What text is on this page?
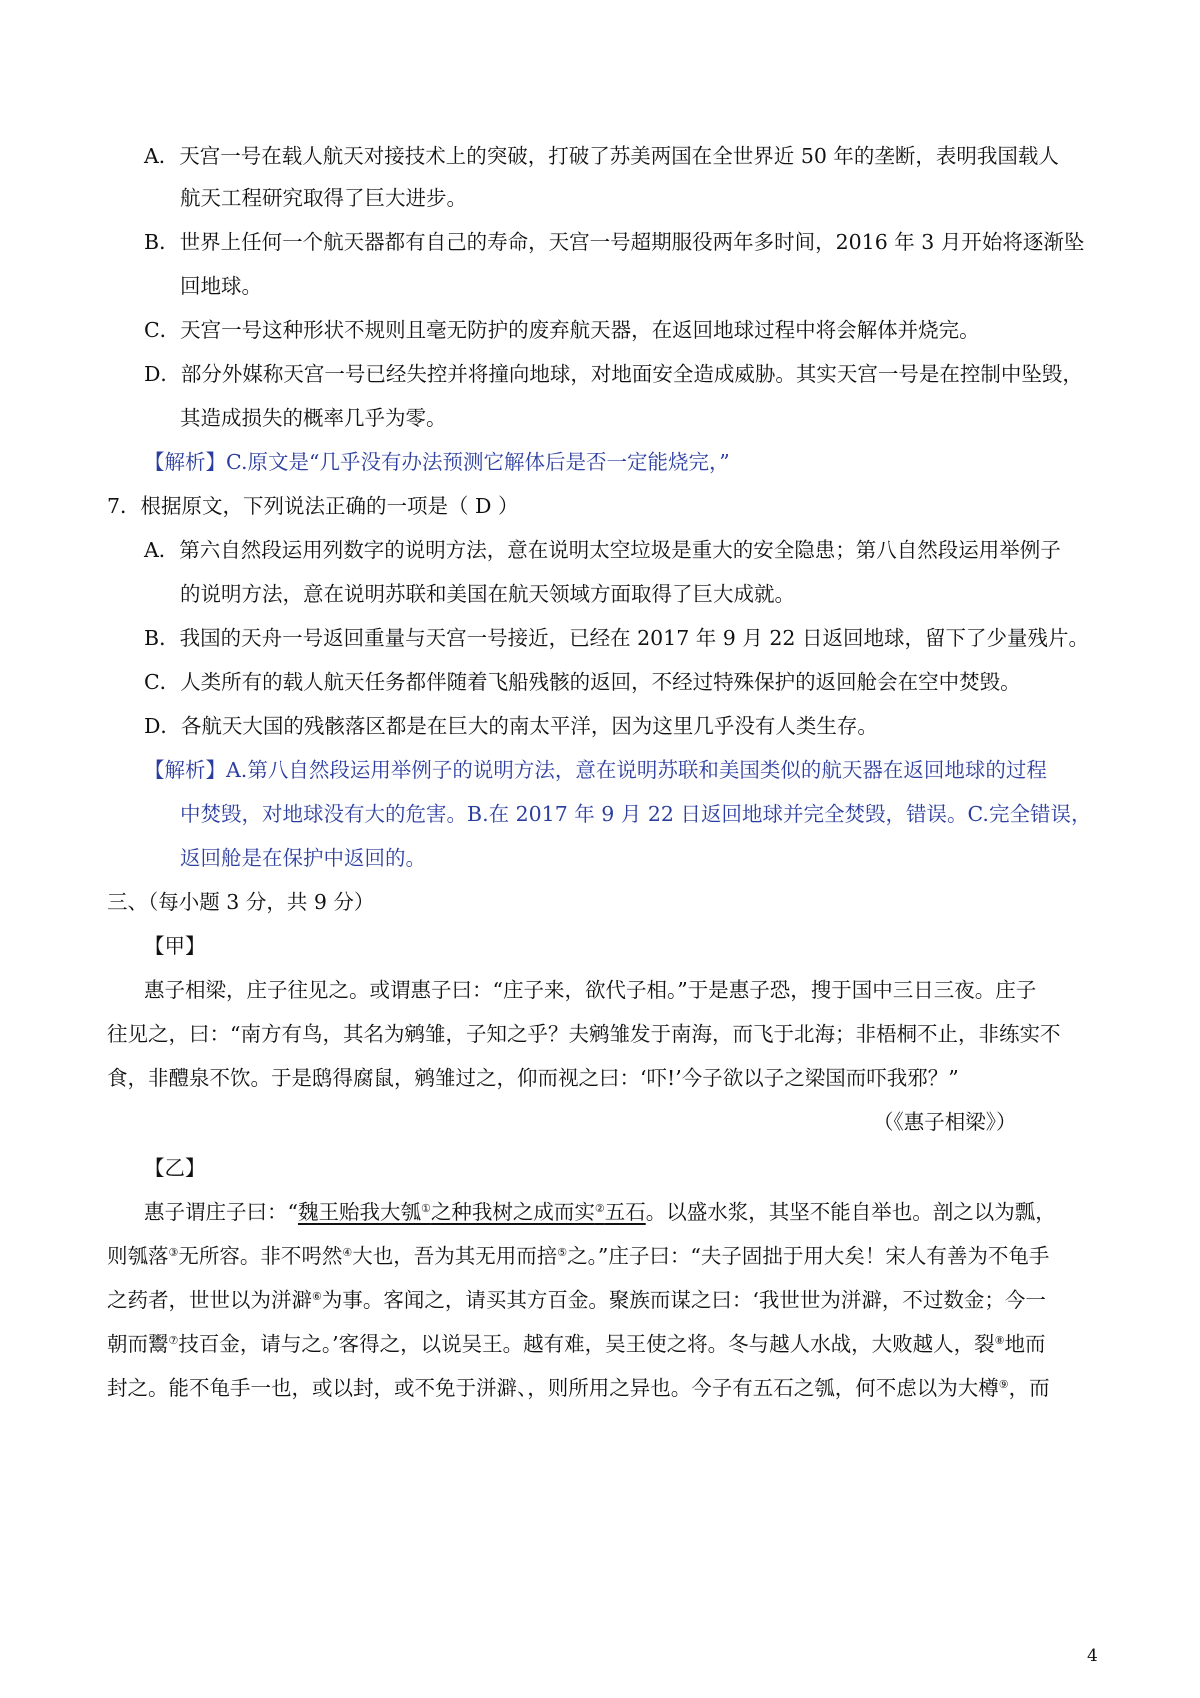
A．天宫一号在载人航天对接技术上的突破，打破了苏美两国在全世界近 50 年的垄断，表明我国载人

航天工程研究取得了巨大进步。

B．世界上任何一个航天器都有自己的寿命，天宫一号超期服役两年多时间，2016 年 3 月开始将逐渐坠

回地球。

C．天宫一号这种形状不规则且毫无防护的废弃航天器，在返回地球过程中将会解体并烧完。

D．部分外媒称天宫一号已经失控并将撞向地球，对地面安全造成威胁。其实天宫一号是在控制中坠毁，

其造成损失的概率几乎为零。

【解析】C.原文是“几乎没有办法预测它解体后是否一定能烧完，”

7．根据原文，下列说法正确的一项是（ D ）

A．第六自然段运用列数字的说明方法，意在说明太空垃圾是重大的安全隐患；第八自然段运用举例子

的说明方法，意在说明苏联和美国在航天领域方面取得了巨大成就。

B．我国的天舟一号返回重量与天宫一号接近，已经在 2017 年 9 月 22 日返回地球，留下了少量残片。

C．人类所有的载人航天任务都伴随着飞船残骸的返回，不经过特殊保护的返回舱会在空中焚毁。

D．各航天大国的残骸落区都是在巨大的南太平洋，因为这里几乎没有人类生存。

【解析】A.第八自然段运用举例子的说明方法，意在说明苏联和美国类似的航天器在返回地球的过程

中焚毁，对地球没有大的危害。B.在 2017 年 9 月 22 日返回地球并完全焚毁，错误。C.完全错误，

返回舱是在保护中返回的。

三、（每小题 3 分，共 9 分）

【甲】

惠子相梁，庄子往见之。或谓惠子曰：“庄子来，欲代子相。”于是惠子恐，搜于国中三日三夜。庄子

往见之，曰：“南方有鸟，其名为鹓雏，子知之乎？夫鹓雏发于南海，而飞于北海；非梧桐不止，非练实不

食，非醴泉不饮。于是鸱得腐鼠，鹓雏过之，仰而视之曰：‘吓!’今子欲以子之梁国而吓我邪？”

（《惠子相梁》）

【乙】

惠子谓庄子曰：“魏王贻我大瓠①之种我树之成而实②五石。以盛水浆，其坚不能自举也。剖之以为瓢，

则瓠落③无所容。非不呺然④大也，吾为其无用而掊⑤之。”庄子曰：“夫子固拙于用大矣！宋人有善为不龟手

之药者，世世以为洴澼⑥为事。客闻之，请买其方百金。聚族而谋之曰：‘我世世为洴澼，不过数金；今一

朝而鬻⑦技百金，请与之。’客得之，以说吴王。越有难，吴王使之将。冬与越人水战，大败越人，裂⑧地而

封之。能不龟手一也，或以封，或不免于洴澼、，则所用之异也。今子有五石之瓠，何不虑以为大樽⑨，而

4
